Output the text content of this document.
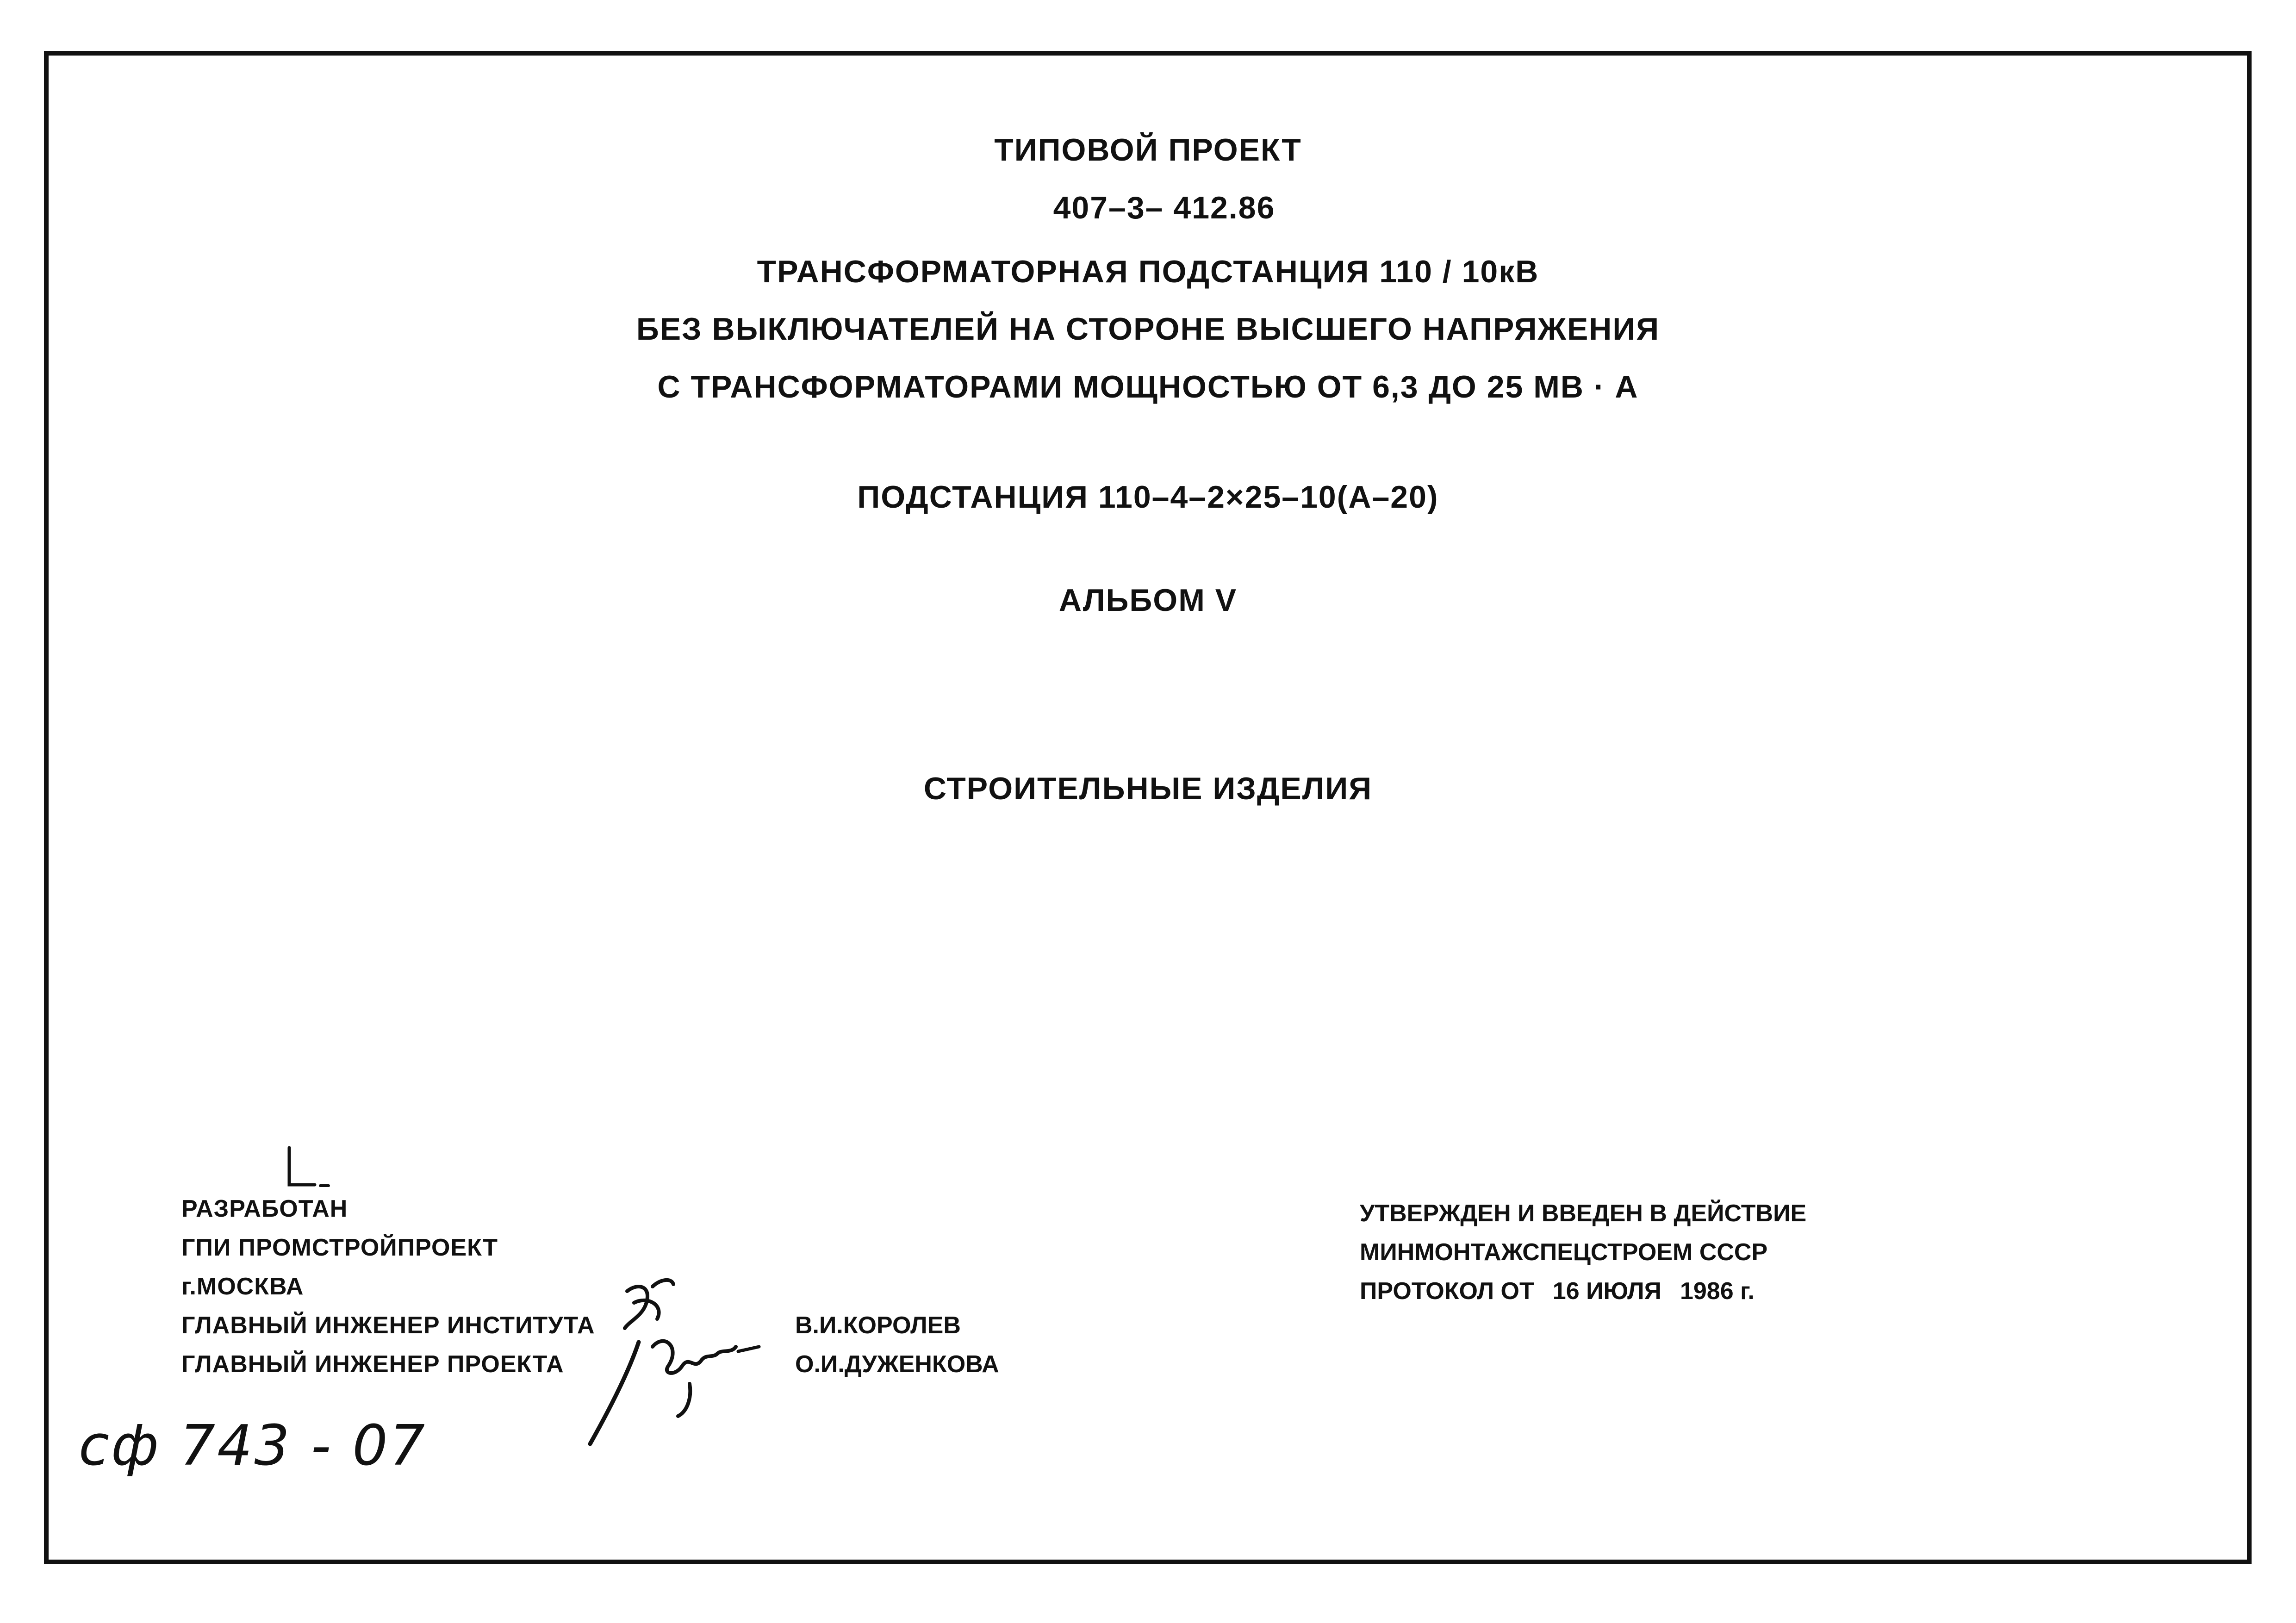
ТИПОВОЙ ПРОЕКТ
407–3– 412.86
ТРАНСФОРМАТОРНАЯ ПОДСТАНЦИЯ 110 / 10кВ
БЕЗ ВЫКЛЮЧАТЕЛЕЙ НА СТОРОНЕ ВЫСШЕГО НАПРЯЖЕНИЯ
С ТРАНСФОРМАТОРАМИ МОЩНОСТЬЮ ОТ 6,3 ДО 25 МВ · А
ПОДСТАНЦИЯ 110–4–2×25–10(А–20)
АЛЬБОМ V
СТРОИТЕЛЬНЫЕ ИЗДЕЛИЯ
РАЗРАБОТАН
ГПИ ПРОМСТРОЙПРОЕКТ
г.МОСКВА
ГЛАВНЫЙ ИНЖЕНЕР ИНСТИТУТА
ГЛАВНЫЙ ИНЖЕНЕР ПРОЕКТА
В.И.КОРОЛЕВ
О.И.ДУЖЕНКОВА
УТВЕРЖДЕН И ВВЕДЕН В ДЕЙСТВИЕ
МИНМОНТАЖСПЕЦСТРОЕМ СССР
ПРОТОКОЛ ОТ 16 ИЮЛЯ 1986 г.
сф 743 - 07
